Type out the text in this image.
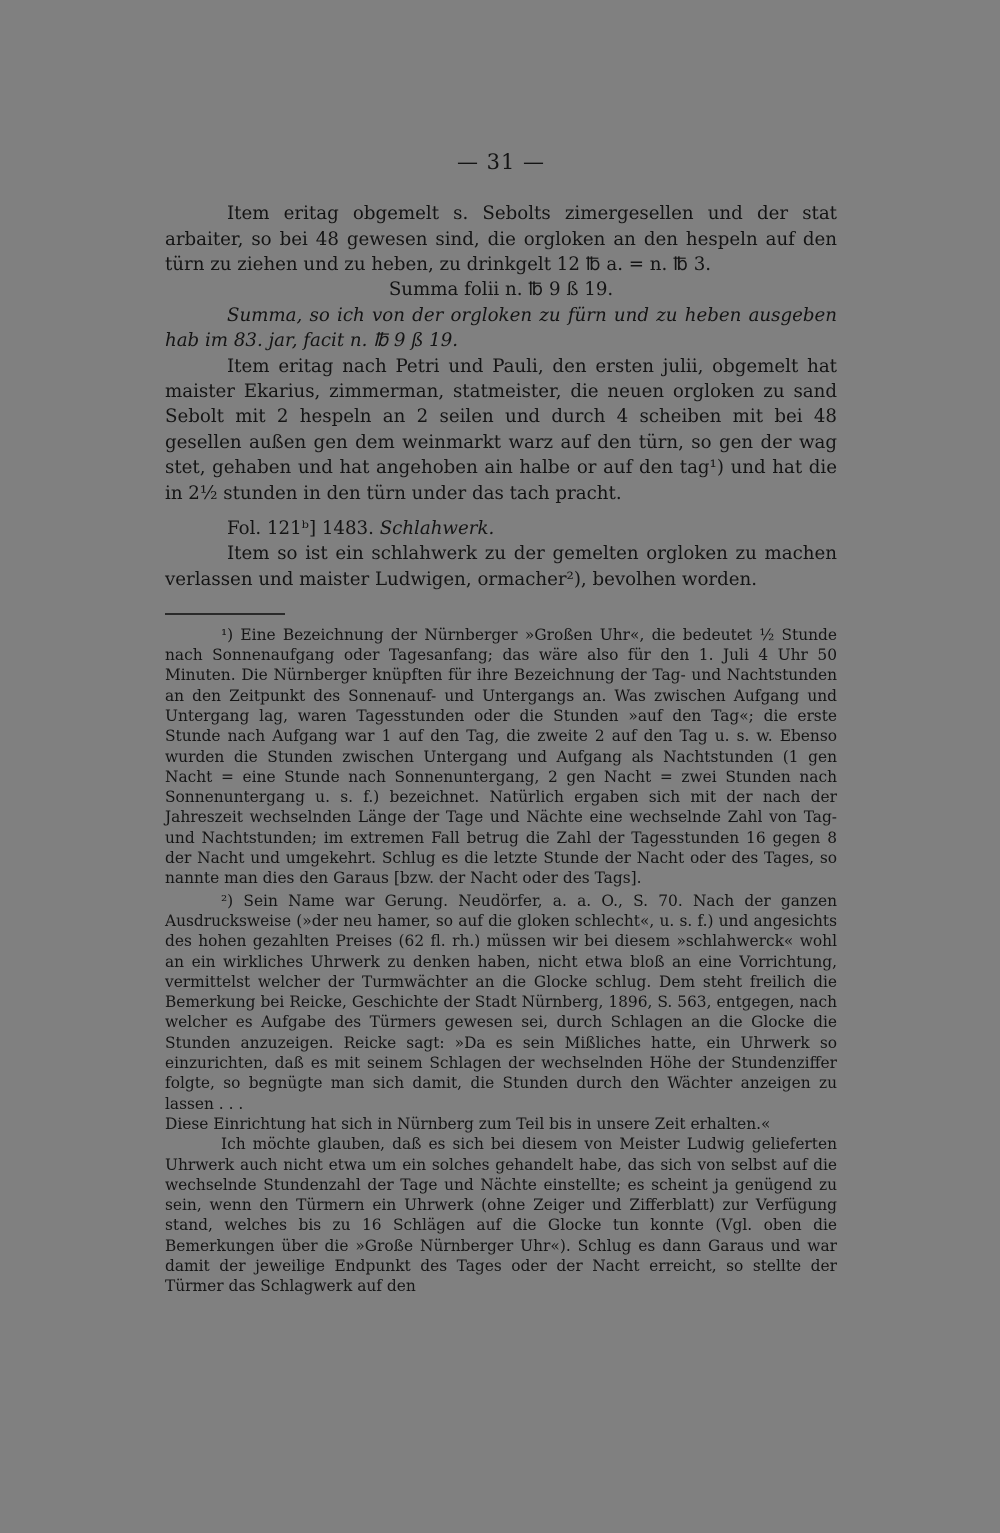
— 31 —

Item eritag obgemelt s. Sebolts zimergesellen und der stat arbaiter, so bei 48 gewesen sind, die orgloken an den hespeln auf den türn zu ziehen und zu heben, zu drinkgelt 12 ℔ a. = n. ℔ 3.

Summa folii n. ℔ 9 ß 19.

Summa, so ich von der orgloken zu fürn und zu heben ausgeben hab im 83. jar, facit n. ℔ 9 ß 19.

Item eritag nach Petri und Pauli, den ersten julii, obgemelt hat maister Ekarius, zimmerman, statmeister, die neuen orgloken zu sand Sebolt mit 2 hespeln an 2 seilen und durch 4 scheiben mit bei 48 gesellen außen gen dem weinmarkt warz auf den türn, so gen der wag stet, gehaben und hat angehoben ain halbe or auf den tag¹) und hat die in 2½ stunden in den türn under das tach pracht.

Fol. 121ᵇ] 1483. Schlahwerk.

Item so ist ein schlahwerk zu der gemelten orgloken zu machen verlassen und maister Ludwigen, ormacher²), bevolhen worden.

¹) Eine Bezeichnung der Nürnberger »Großen Uhr«, die bedeutet ½ Stunde nach Sonnenaufgang oder Tagesanfang; das wäre also für den 1. Juli 4 Uhr 50 Minuten. Die Nürnberger knüpften für ihre Bezeichnung der Tag- und Nachtstunden an den Zeitpunkt des Sonnenauf- und Untergangs an. Was zwischen Aufgang und Untergang lag, waren Tagesstunden oder die Stunden »auf den Tag«; die erste Stunde nach Aufgang war 1 auf den Tag, die zweite 2 auf den Tag u. s. w. Ebenso wurden die Stunden zwischen Untergang und Aufgang als Nachtstunden (1 gen Nacht = eine Stunde nach Sonnenuntergang, 2 gen Nacht = zwei Stunden nach Sonnenuntergang u. s. f.) bezeichnet. Natürlich ergaben sich mit der nach der Jahreszeit wechselnden Länge der Tage und Nächte eine wechselnde Zahl von Tag- und Nachtstunden; im extremen Fall betrug die Zahl der Tagesstunden 16 gegen 8 der Nacht und umgekehrt. Schlug es die letzte Stunde der Nacht oder des Tages, so nannte man dies den Garaus [bzw. der Nacht oder des Tags].

²) Sein Name war Gerung. Neudörfer, a. a. O., S. 70. Nach der ganzen Ausdrucksweise (»der neu hamer, so auf die gloken schlecht«, u. s. f.) und angesichts des hohen gezahlten Preises (62 fl. rh.) müssen wir bei diesem »schlahwerck« wohl an ein wirkliches Uhrwerk zu denken haben, nicht etwa bloß an eine Vorrichtung, vermittelst welcher der Turmwächter an die Glocke schlug. Dem steht freilich die Bemerkung bei Reicke, Geschichte der Stadt Nürnberg, 1896, S. 563, entgegen, nach welcher es Aufgabe des Türmers gewesen sei, durch Schlagen an die Glocke die Stunden anzuzeigen. Reicke sagt: »Da es sein Mißliches hatte, ein Uhrwerk so einzurichten, daß es mit seinem Schlagen der wechselnden Höhe der Stundenziffer folgte, so begnügte man sich damit, die Stunden durch den Wächter anzeigen zu lassen . . .

Diese Einrichtung hat sich in Nürnberg zum Teil bis in unsere Zeit erhalten.«

Ich möchte glauben, daß es sich bei diesem von Meister Ludwig gelieferten Uhrwerk auch nicht etwa um ein solches gehandelt habe, das sich von selbst auf die wechselnde Stundenzahl der Tage und Nächte einstellte; es scheint ja genügend zu sein, wenn den Türmern ein Uhrwerk (ohne Zeiger und Zifferblatt) zur Verfügung stand, welches bis zu 16 Schlägen auf die Glocke tun konnte (Vgl. oben die Bemerkungen über die »Große Nürnberger Uhr«). Schlug es dann Garaus und war damit der jeweilige Endpunkt des Tages oder der Nacht erreicht, so stellte der Türmer das Schlagwerk auf den
